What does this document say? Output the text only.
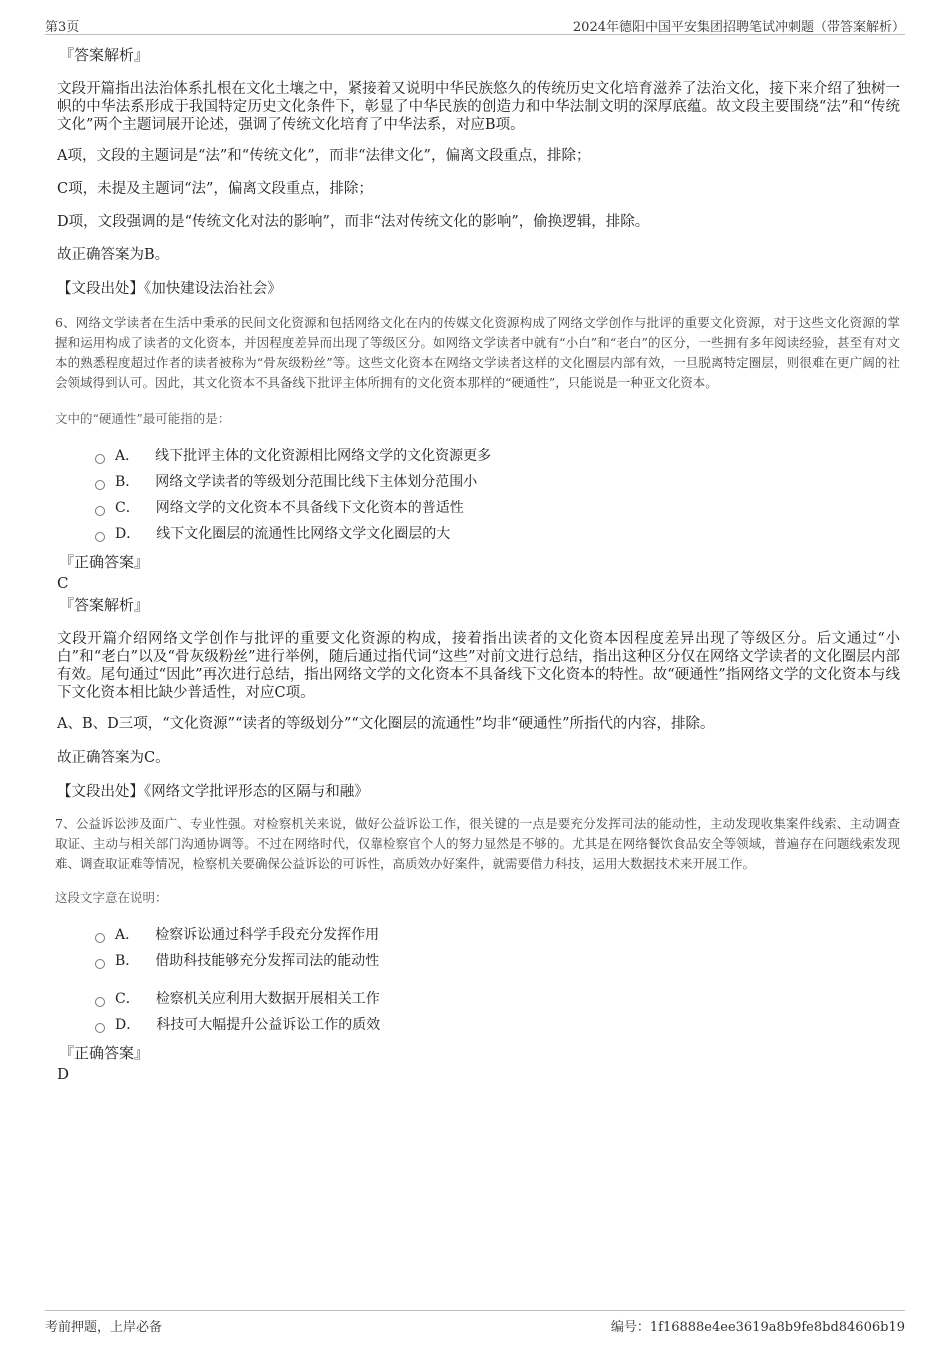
第3页	2024年德阳中国平安集团招聘笔试冲刺题（带答案解析）
『答案解析』
文段开篇指出法治体系扎根在文化土壤之中，紧接着又说明中华民族悠久的传统历史文化培育滋养了法治文化，接下来介绍了独树一帜的中华法系形成于我国特定历史文化条件下，彰显了中华民族的创造力和中华法制文明的深厚底蕴。故文段主要围绕“法”和“传统文化”两个主题词展开论述，强调了传统文化培育了中华法系，对应B项。
A项，文段的主题词是“法”和“传统文化”，而非“法律文化”，偏离文段重点，排除；
C项，未提及主题词“法”，偏离文段重点，排除；
D项，文段强调的是“传统文化对法的影响”，而非“法对传统文化的影响”，偷换逻辑，排除。
故正确答案为B。
【文段出处】《加快建设法治社会》
6、网络文学读者在生活中秉承的民间文化资源和包括网络文化在内的传媒文化资源构成了网络文学创作与批评的重要文化资源，对于这些文化资源的掌握和运用构成了读者的文化资本，并因程度差异而出现了等级区分。如网络文学读者中就有“小白”和“老白”的区分，一些拥有多年阅读经验，甚至有对文本的熟悉程度超过作者的读者被称为“骨灰级粉丝”等。这些文化资本在网络文学读者这样的文化圈层内部有效，一旦脱离特定圈层，则很难在更广阔的社会领域得到认可。因此，其文化资本不具备线下批评主体所拥有的文化资本那样的“硬通性”，只能说是一种亚文化资本。
文中的“硬通性”最可能指的是：
A． 线下批评主体的文化资源相比网络文学的文化资源更多
B． 网络文学读者的等级划分范围比线下主体划分范围小
C． 网络文学的文化资本不具备线下文化资本的普适性
D． 线下文化圈层的流通性比网络文学文化圈层的大
『正确答案』
C
『答案解析』
文段开篇介绍网络文学创作与批评的重要文化资源的构成，接着指出读者的文化资本因程度差异出现了等级区分。后文通过“小白”和“老白”以及“骨灰级粉丝”进行举例，随后通过指代词“这些”对前文进行总结，指出这种区分仅在网络文学读者的文化圈层内部有效。尾句通过“因此”再次进行总结，指出网络文学的文化资本不具备线下文化资本的特性。故“硬通性”指网络文学的文化资本与线下文化资本相比缺少普适性，对应C项。
A、B、D三项，“文化资源”“读者的等级划分”“文化圈层的流通性”均非“硬通性”所指代的内容，排除。
故正确答案为C。
【文段出处】《网络文学批评形态的区隔与和融》
7、公益诉讼涉及面广、专业性强。对检察机关来说，做好公益诉讼工作，很关键的一点是要充分发挥司法的能动性，主动发现收集案件线索、主动调查取证、主动与相关部门沟通协调等。不过在网络时代，仅靠检察官个人的努力显然是不够的。尤其是在网络餐饮食品安全等领域，普遍存在问题线索发现难、调查取证难等情况，检察机关要确保公益诉讼的可诉性，高质效办好案件，就需要借力科技，运用大数据技术来开展工作。
这段文字意在说明：
A． 检察诉讼通过科学手段充分发挥作用
B． 借助科技能够充分发挥司法的能动性
C． 检察机关应利用大数据开展相关工作
D． 科技可大幅提升公益诉讼工作的质效
『正确答案』
D
考前押题，上岸必备	编号：1f16888e4ee3619a8b9fe8bd84606b19
